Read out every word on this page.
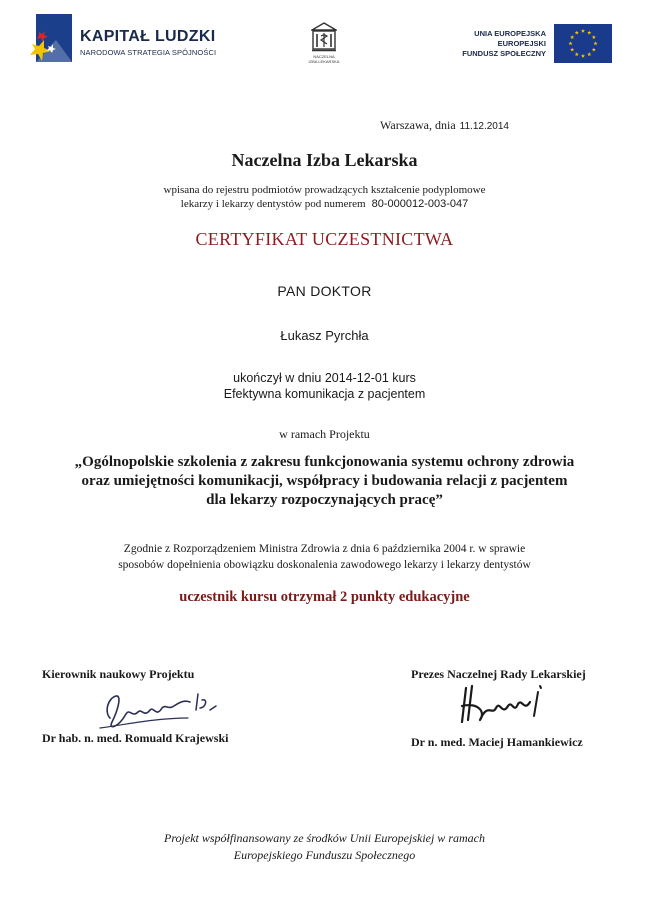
KAPITAŁ LUDZKI
NARODOWA STRATEGIA SPÓJNOŚCI	NACZELNA
IZBA LEKARSKA
UNIA EUROPEJSKA
EUROPEJSKI
FUNDUSZ SPOŁECZNY
Warszawa, dnia 11.12.2014
Naczelna Izba Lekarska
wpisana do rejestru podmiotów prowadzących kształcenie podyplomowe
lekarzy i lekarzy dentystów pod numerem 80-000012-003-047
CERTYFIKAT UCZESTNICTWA
PAN DOKTOR
Łukasz Pyrchła
ukończył w dniu 2014-12-01 kurs
Efektywna komunikacja z pacjentem
w ramach Projektu
„Ogólnopolskie szkolenia z zakresu funkcjonowania systemu ochrony zdrowia
oraz umiejętności komunikacji, współpracy i budowania relacji z pacjentem
dla lekarzy rozpoczynających pracę”
Zgodnie z Rozporządzeniem Ministra Zdrowia z dnia 6 października 2004 r. w sprawie
sposobów dopełnienia obowiązku doskonalenia zawodowego lekarzy i lekarzy dentystów
uczestnik kursu otrzymał 2 punkty edukacyjne
Kierownik naukowy Projektu
Dr hab. n. med. Romuald Krajewski
Prezes Naczelnej Rady Lekarskiej
Dr n. med. Maciej Hamankiewicz
Projekt współfinansowany ze środków Unii Europejskiej w ramach
Europejskiego Funduszu Społecznego
